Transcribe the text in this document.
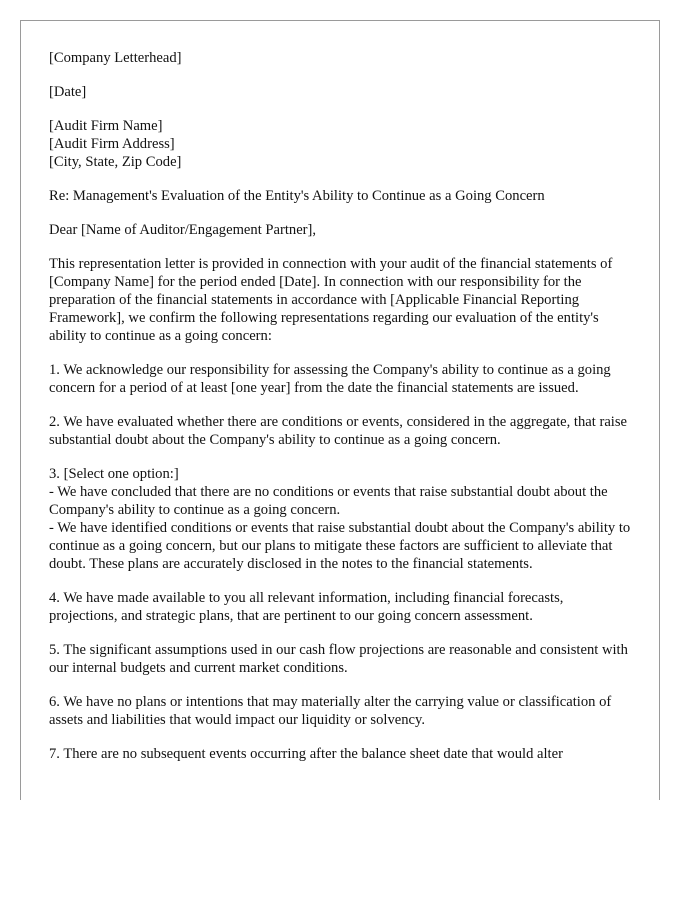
[Company Letterhead]

[Date]

[Audit Firm Name]
[Audit Firm Address]
[City, State, Zip Code]

Re: Management's Evaluation of the Entity's Ability to Continue as a Going Concern

Dear [Name of Auditor/Engagement Partner],

This representation letter is provided in connection with your audit of the financial statements of [Company Name] for the period ended [Date]. In connection with our responsibility for the preparation of the financial statements in accordance with [Applicable Financial Reporting Framework], we confirm the following representations regarding our evaluation of the entity's ability to continue as a going concern:

1. We acknowledge our responsibility for assessing the Company's ability to continue as a going concern for a period of at least [one year] from the date the financial statements are issued.

2. We have evaluated whether there are conditions or events, considered in the aggregate, that raise substantial doubt about the Company's ability to continue as a going concern.

3. [Select one option:]
- We have concluded that there are no conditions or events that raise substantial doubt about the Company's ability to continue as a going concern.
- We have identified conditions or events that raise substantial doubt about the Company's ability to continue as a going concern, but our plans to mitigate these factors are sufficient to alleviate that doubt. These plans are accurately disclosed in the notes to the financial statements.

4. We have made available to you all relevant information, including financial forecasts, projections, and strategic plans, that are pertinent to our going concern assessment.

5. The significant assumptions used in our cash flow projections are reasonable and consistent with our internal budgets and current market conditions.

6. We have no plans or intentions that may materially alter the carrying value or classification of assets and liabilities that would impact our liquidity or solvency.

7. There are no subsequent events occurring after the balance sheet date that would alter
